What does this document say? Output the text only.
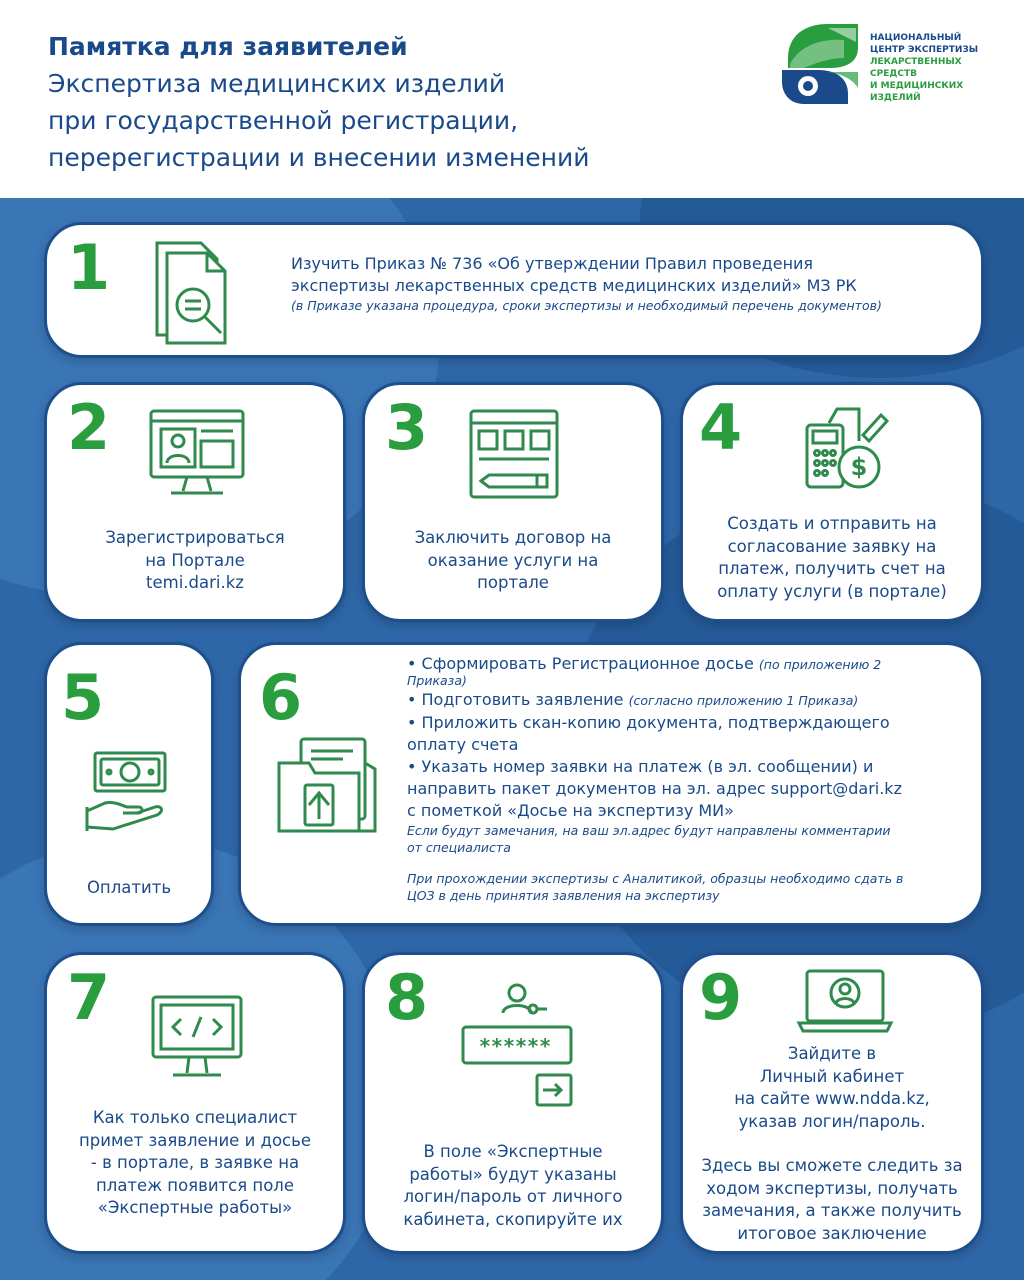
Памятка для заявителей
Экспертиза медицинских изделий
при государственной регистрации,
перерегистрации и внесении изменений
НАЦИОНАЛЬНЫЙ
ЦЕНТР ЭКСПЕРТИЗЫ
ЛЕКАРСТВЕННЫХ СРЕДСТВ
И МЕДИЦИНСКИХ ИЗДЕЛИЙ
1	Изучить Приказ № 736 «Об утверждении Правил проведения
экспертизы лекарственных средств медицинских изделий» МЗ РК
(в Приказе указана процедура, сроки экспертизы и необходимый перечень документов)
2
Зарегистрироваться
на Портале
temi.dari.kz
3
Заключить договор на
оказание услуги на
портале
4
$
Создать и отправить на
согласование заявку на
платеж, получить счет на
оплату услуги (в портале)
5
Оплатить
6	• Сформировать Регистрационное досье (по приложению 2
Приказа)
• Подготовить заявление (согласно приложению 1 Приказа)
• Приложить скан-копию документа, подтверждающего
оплату счета
• Указать номер заявки на платеж (в эл. сообщении) и
направить пакет документов на эл. адрес support@dari.kz
с пометкой «Досье на экспертизу МИ»
Если будут замечания, на ваш эл.адрес будут направлены комментарии
от специалиста
При прохождении экспертизы с Аналитикой, образцы необходимо сдать в
ЦОЗ в день принятия заявления на экспертизу
7
Как только специалист
примет заявление и досье
- в портале, в заявке на
платеж появится поле
«Экспертные работы»
8
******
В поле «Экспертные
работы» будут указаны
логин/пароль от личного
кабинета, скопируйте их
9
Зайдите в
Личный кабинет
на сайте www.ndda.kz,
указав логин/пароль.
Здесь вы сможете следить за
ходом экспертизы, получать
замечания, а также получить
итоговое заключение
